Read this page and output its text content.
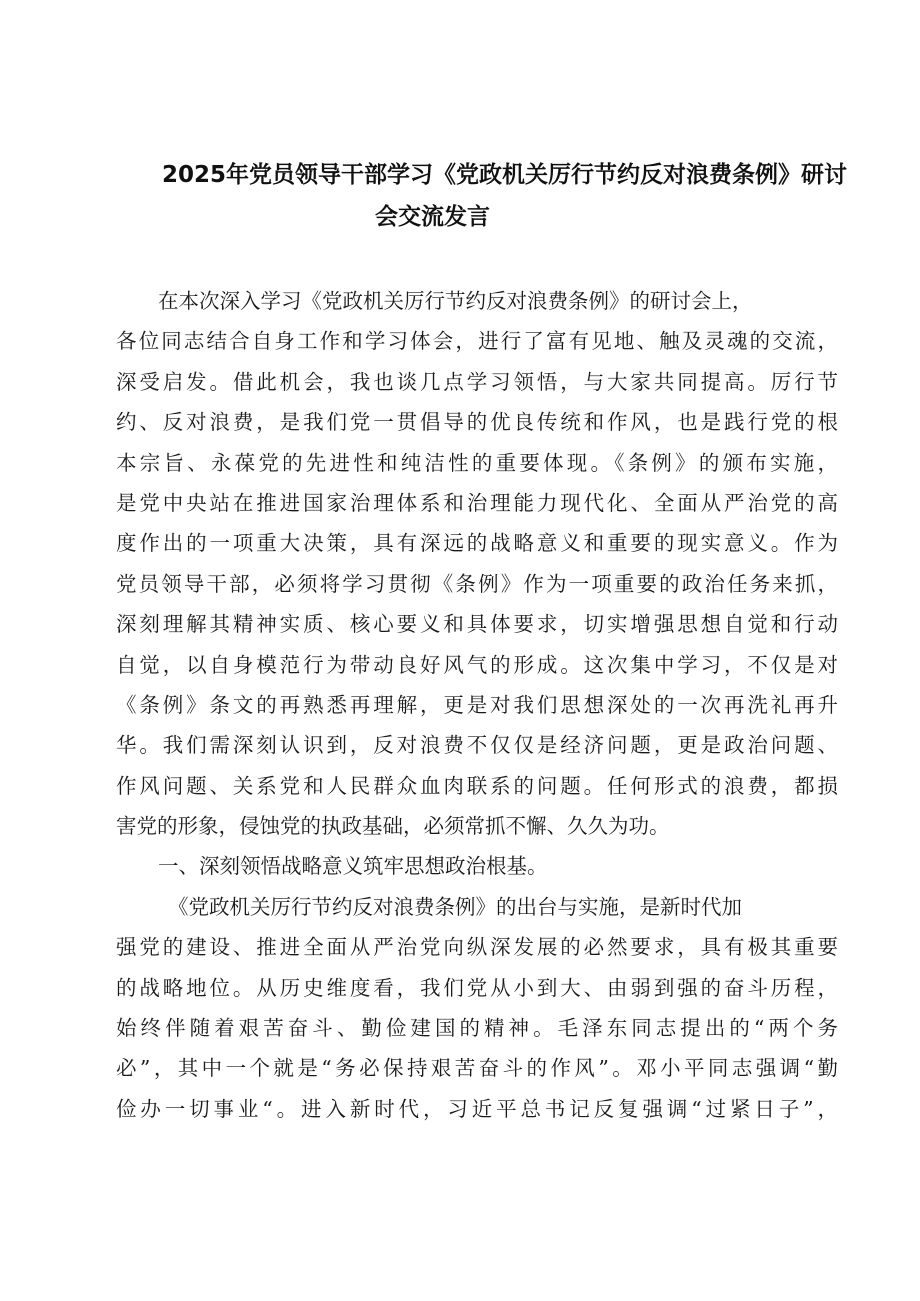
2025年党员领导干部学习《党政机关厉行节约反对浪费条例》研讨
会交流发言
在本次深入学习《党政机关厉行节约反对浪费条例》的研讨会上，
各位同志结合自身工作和学习体会，进行了富有见地、触及灵魂的交流，
深受启发。借此机会，我也谈几点学习领悟，与大家共同提高。厉行节
约、反对浪费，是我们党一贯倡导的优良传统和作风，也是践行党的根
本宗旨、永葆党的先进性和纯洁性的重要体现。《条例》的颁布实施，
是党中央站在推进国家治理体系和治理能力现代化、全面从严治党的高
度作出的一项重大决策，具有深远的战略意义和重要的现实意义。作为
党员领导干部，必须将学习贯彻《条例》作为一项重要的政治任务来抓，
深刻理解其精神实质、核心要义和具体要求，切实增强思想自觉和行动
自觉，以自身模范行为带动良好风气的形成。这次集中学习，不仅是对
《条例》条文的再熟悉再理解，更是对我们思想深处的一次再洗礼再升
华。我们需深刻认识到，反对浪费不仅仅是经济问题，更是政治问题、
作风问题、关系党和人民群众血肉联系的问题。任何形式的浪费，都损
害党的形象，侵蚀党的执政基础，必须常抓不懈、久久为功。
一、深刻领悟战略意义筑牢思想政治根基。
《党政机关厉行节约反对浪费条例》的出台与实施，是新时代加
强党的建设、推进全面从严治党向纵深发展的必然要求，具有极其重要
的战略地位。从历史维度看，我们党从小到大、由弱到强的奋斗历程，
始终伴随着艰苦奋斗、勤俭建国的精神。毛泽东同志提出的“两个务
必”，其中一个就是“务必保持艰苦奋斗的作风”。邓小平同志强调“勤
俭办一切事业“。进入新时代，习近平总书记反复强调“过紧日子”，
